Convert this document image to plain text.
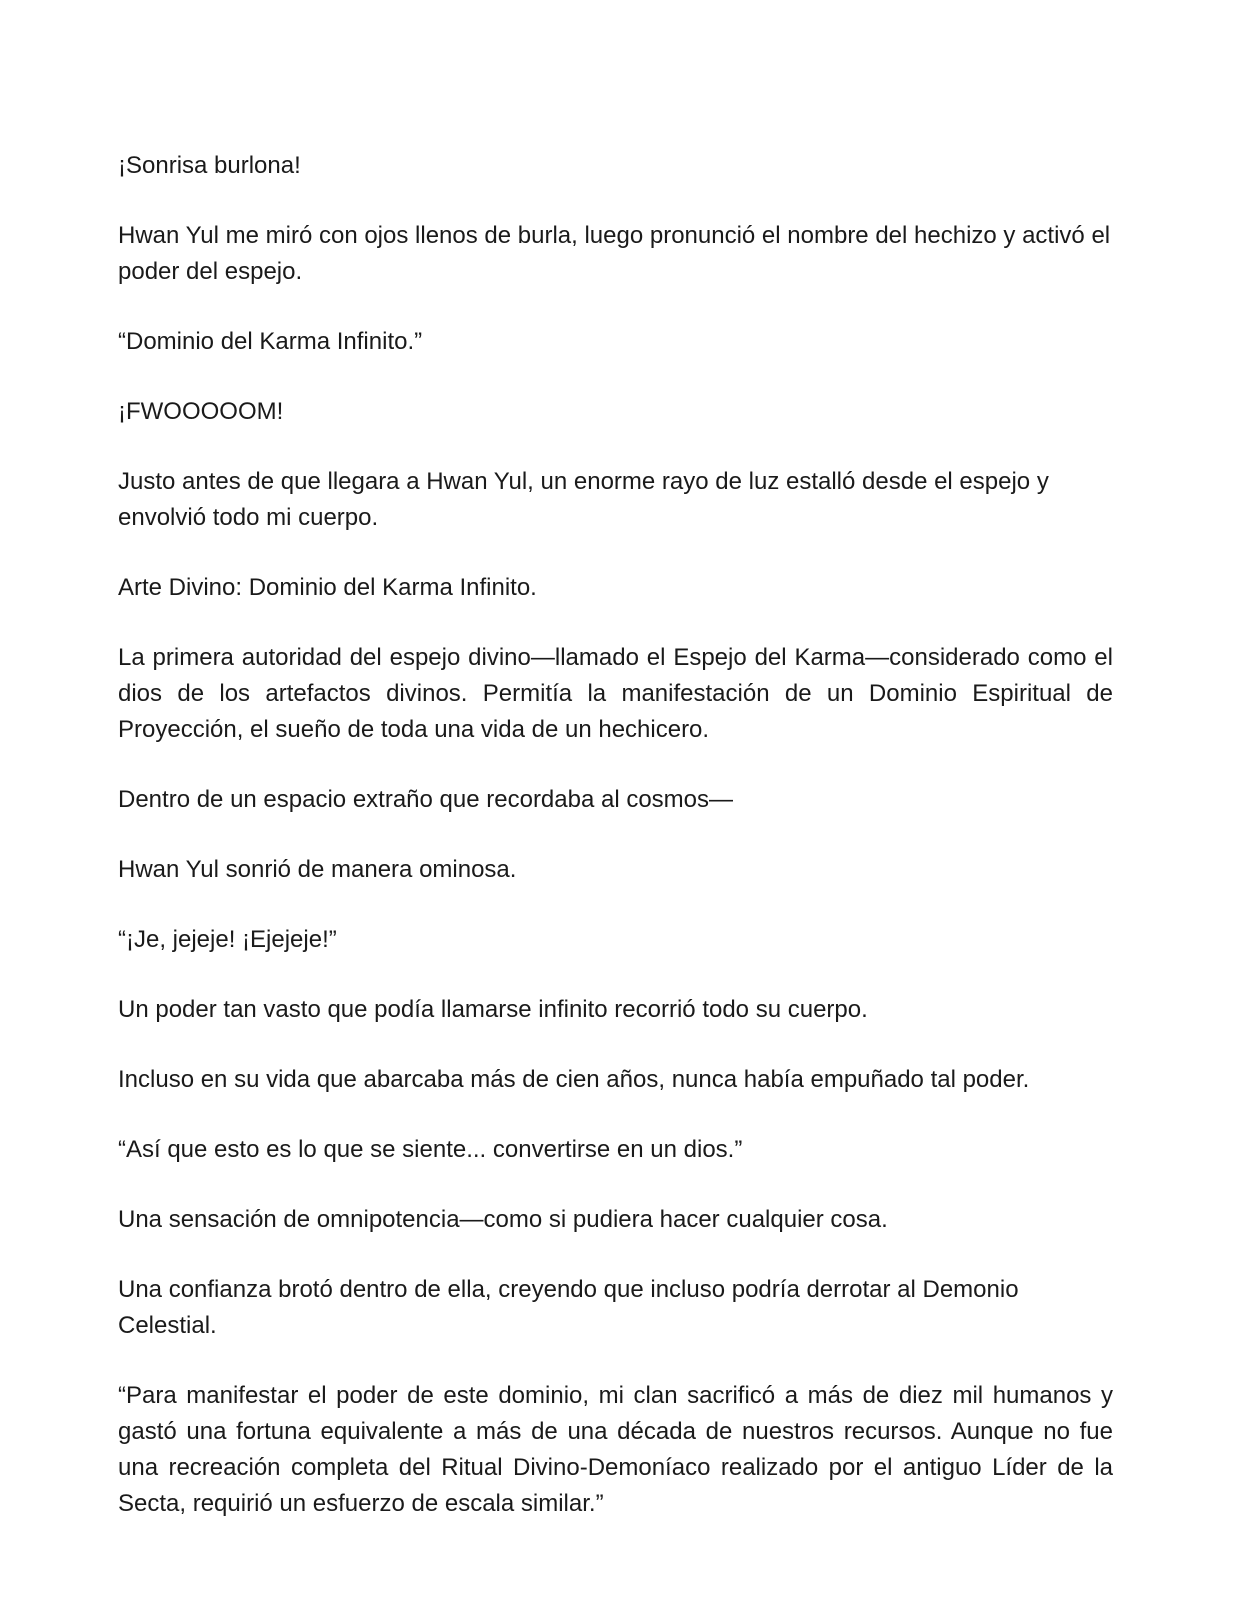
¡Sonrisa burlona!

Hwan Yul me miró con ojos llenos de burla, luego pronunció el nombre del hechizo y activó el poder del espejo.

“Dominio del Karma Infinito.”

¡FWOOOOOM!

Justo antes de que llegara a Hwan Yul, un enorme rayo de luz estalló desde el espejo y envolvió todo mi cuerpo.

Arte Divino: Dominio del Karma Infinito.

La primera autoridad del espejo divino—llamado el Espejo del Karma—considerado como el dios de los artefactos divinos. Permitía la manifestación de un Dominio Espiritual de Proyección, el sueño de toda una vida de un hechicero.

Dentro de un espacio extraño que recordaba al cosmos—

Hwan Yul sonrió de manera ominosa.

“¡Je, jejeje! ¡Ejejeje!”

Un poder tan vasto que podía llamarse infinito recorrió todo su cuerpo.

Incluso en su vida que abarcaba más de cien años, nunca había empuñado tal poder.

“Así que esto es lo que se siente... convertirse en un dios.”

Una sensación de omnipotencia—como si pudiera hacer cualquier cosa.

Una confianza brotó dentro de ella, creyendo que incluso podría derrotar al Demonio Celestial.

“Para manifestar el poder de este dominio, mi clan sacrificó a más de diez mil humanos y gastó una fortuna equivalente a más de una década de nuestros recursos. Aunque no fue una recreación completa del Ritual Divino-Demoníaco realizado por el antiguo Líder de la Secta, requirió un esfuerzo de escala similar.”
